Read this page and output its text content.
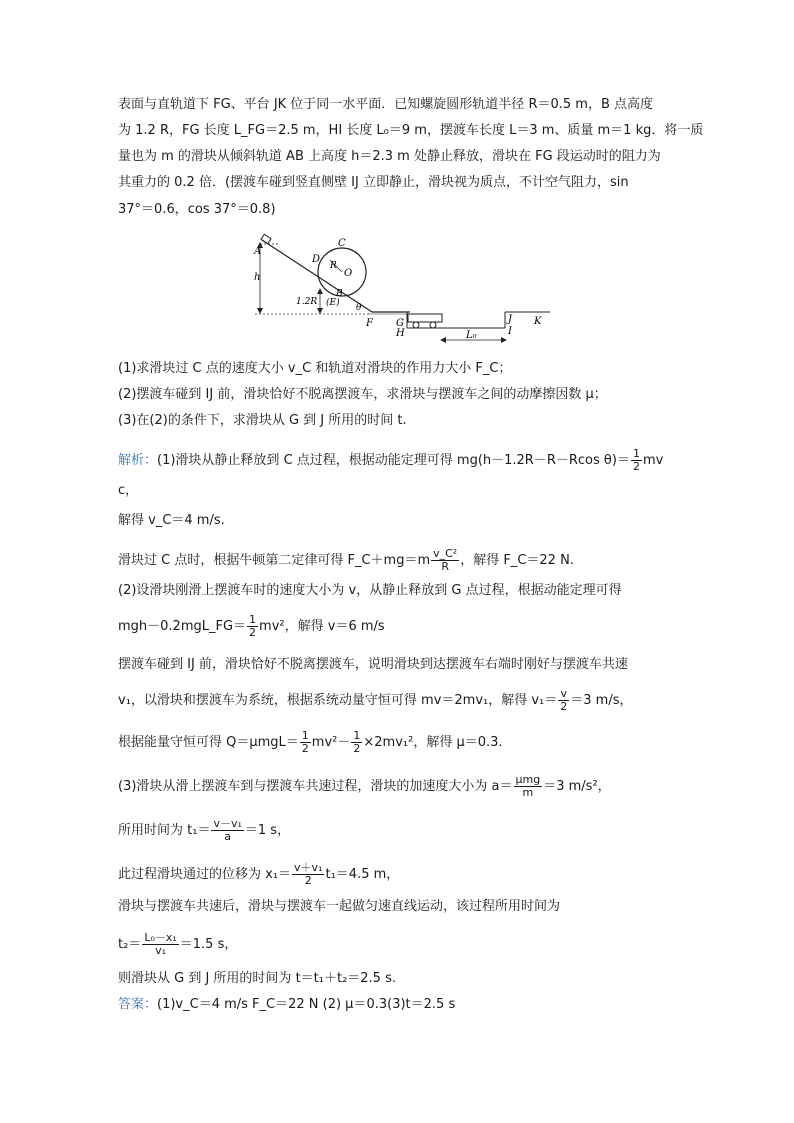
表面与直轨道下 FG、平台 JK 位于同一水平面．已知螺旋圆形轨道半径 R＝0.5 m，B 点高度
为 1.2 R，FG 长度 L_FG＝2.5 m，HI 长度 L₀＝9 m，摆渡车长度 L＝3 m、质量 m＝1 kg．将一质
量也为 m 的滑块从倾斜轨道 AB 上高度 h＝2.3 m 处静止释放，滑块在 FG 段运动时的阻力为
其重力的 0.2 倍．(摆渡车碰到竖直侧壁 IJ 立即静止，滑块视为质点，不计空气阻力，sin
37°＝0.6，cos 37°＝0.8)
A
h
C
D
O
R
B
(E)
1.2R
θ
F G
H
J
I
K
L₀
(1)求滑块过 C 点的速度大小 v_C 和轨道对滑块的作用力大小 F_C；
(2)摆渡车碰到 IJ 前，滑块恰好不脱离摆渡车，求滑块与摆渡车之间的动摩擦因数 μ；
(3)在(2)的条件下，求滑块从 G 到 J 所用的时间 t.
解析：(1)滑块从静止释放到 C 点过程，根据动能定理可得 mg(h－1.2R－R－Rcos $\theta)= \frac{1}{2}$ mv
c，
解得 v_C＝4 m/s.
滑块过 C 点时，根据牛顿第二定律可得 F_C＋mg＝m $\frac{\text{v\_C²}}{R}$ ，解得 F_C＝22 N.
(2)设滑块刚滑上摆渡车时的速度大小为 v，从静止释放到 G 点过程，根据动能定理可得
mgh－0.2mgL_FG＝ $\frac{1}{2} mv^2$，解得 v＝6 m/s
摆渡车碰到 IJ 前，滑块恰好不脱离摆渡车，说明滑块到达摆渡车右端时刚好与摆渡车共速
v₁，以滑块和摆渡车为系统，根据系统动量守恒可得 mv＝2mv₁，解得 $v_1= \frac{v}{2} =3$ m/s，
根据能量守恒可得 $Q=\mu mgL= \frac{1}{2} mv^2- \frac{1}{2} \times 2mv_1^2$，解得 μ＝0.3.
(3)滑块从滑上摆渡车到与摆渡车共速过程，滑块的加速度大小为 $a= \frac{\text{μmg}}{m} =3$ m/s²，
所用时间为 $t_1= \frac{\text{v－v₁}}{a} =1$ s，
此过程滑块通过的位移为 $x_1= \frac{\text{v＋v₁}}{2} t_1=4.5$ m，
滑块与摆渡车共速后，滑块与摆渡车一起做匀速直线运动，该过程所用时间为
$t_2= \frac{\text{L₀－x₁}}{\text{v₁}} =1.5$ s，
则滑块从 G 到 J 所用的时间为 t＝t₁＋t₂＝2.5 s.
答案：(1)v_C＝4 m/s F_C＝22 N (2) μ＝0.3(3)t＝2.5 s
